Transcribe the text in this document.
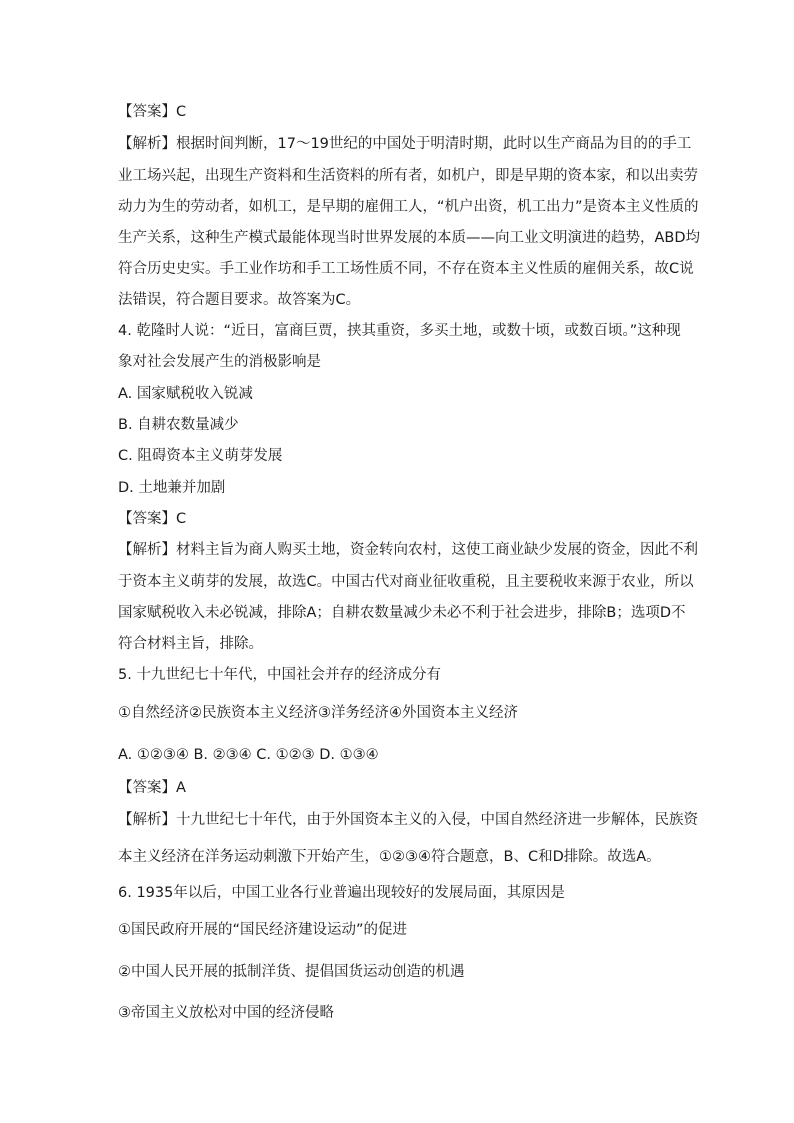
【答案】C
【解析】根据时间判断，17～19世纪的中国处于明清时期，此时以生产商品为目的的手工
业工场兴起，出现生产资料和生活资料的所有者，如机户，即是早期的资本家，和以出卖劳
动力为生的劳动者，如机工，是早期的雇佣工人，“机户出资，机工出力”是资本主义性质的
生产关系，这种生产模式最能体现当时世界发展的本质——向工业文明演进的趋势，ABD均
符合历史史实。手工业作坊和手工工场性质不同，不存在资本主义性质的雇佣关系，故C说
法错误，符合题目要求。故答案为C。
4. 乾隆时人说：“近日，富商巨贾，挟其重资，多买土地，或数十顷，或数百顷。”这种现
象对社会发展产生的消极影响是
A. 国家赋税收入锐减
B. 自耕农数量减少
C. 阻碍资本主义萌芽发展
D. 土地兼并加剧
【答案】C
【解析】材料主旨为商人购买土地，资金转向农村，这使工商业缺少发展的资金，因此不利
于资本主义萌芽的发展，故选C。中国古代对商业征收重税，且主要税收来源于农业，所以
国家赋税收入未必锐减，排除A；自耕农数量减少未必不利于社会进步，排除B；选项D不
符合材料主旨，排除。
5. 十九世纪七十年代，中国社会并存的经济成分有
①自然经济②民族资本主义经济③洋务经济④外国资本主义经济
A. ①②③④ B. ②③④ C. ①②③ D. ①③④
【答案】A
【解析】十九世纪七十年代，由于外国资本主义的入侵，中国自然经济进一步解体，民族资
本主义经济在洋务运动刺激下开始产生，①②③④符合题意，B、C和D排除。故选A。
6. 1935年以后，中国工业各行业普遍出现较好的发展局面，其原因是
①国民政府开展的“国民经济建设运动”的促进
②中国人民开展的抵制洋货、提倡国货运动创造的机遇
③帝国主义放松对中国的经济侵略
